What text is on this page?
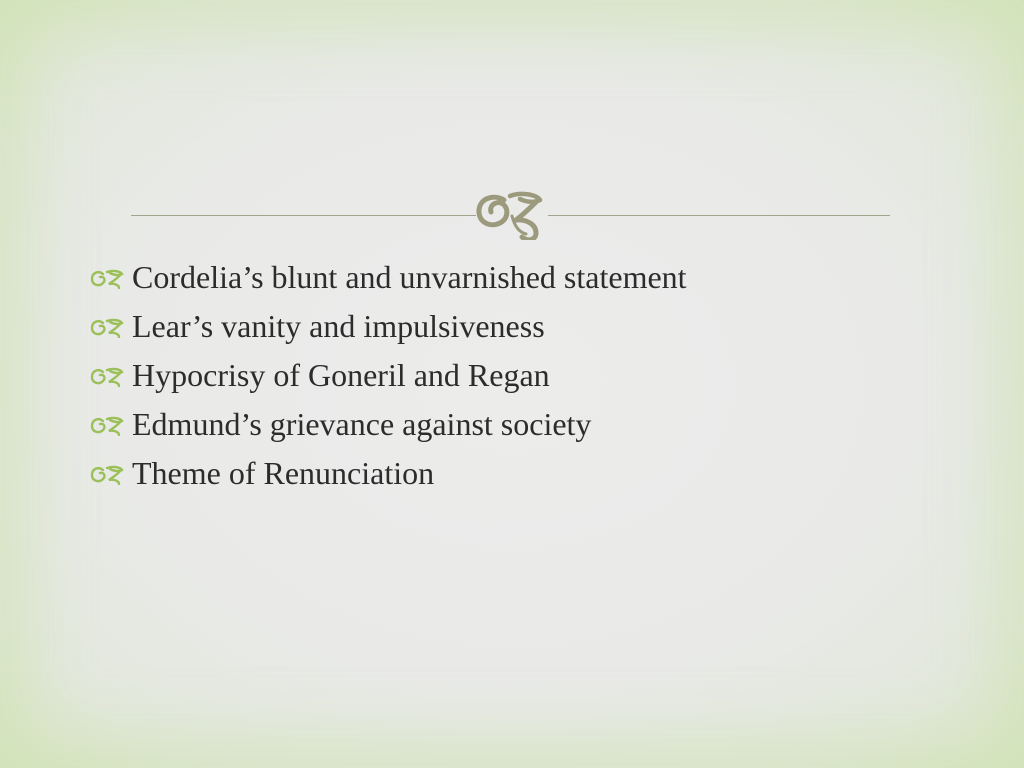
Cordelia’s blunt and unvarnished statement
Lear’s vanity and impulsiveness
Hypocrisy of Goneril and Regan
Edmund’s grievance against society
Theme of Renunciation
